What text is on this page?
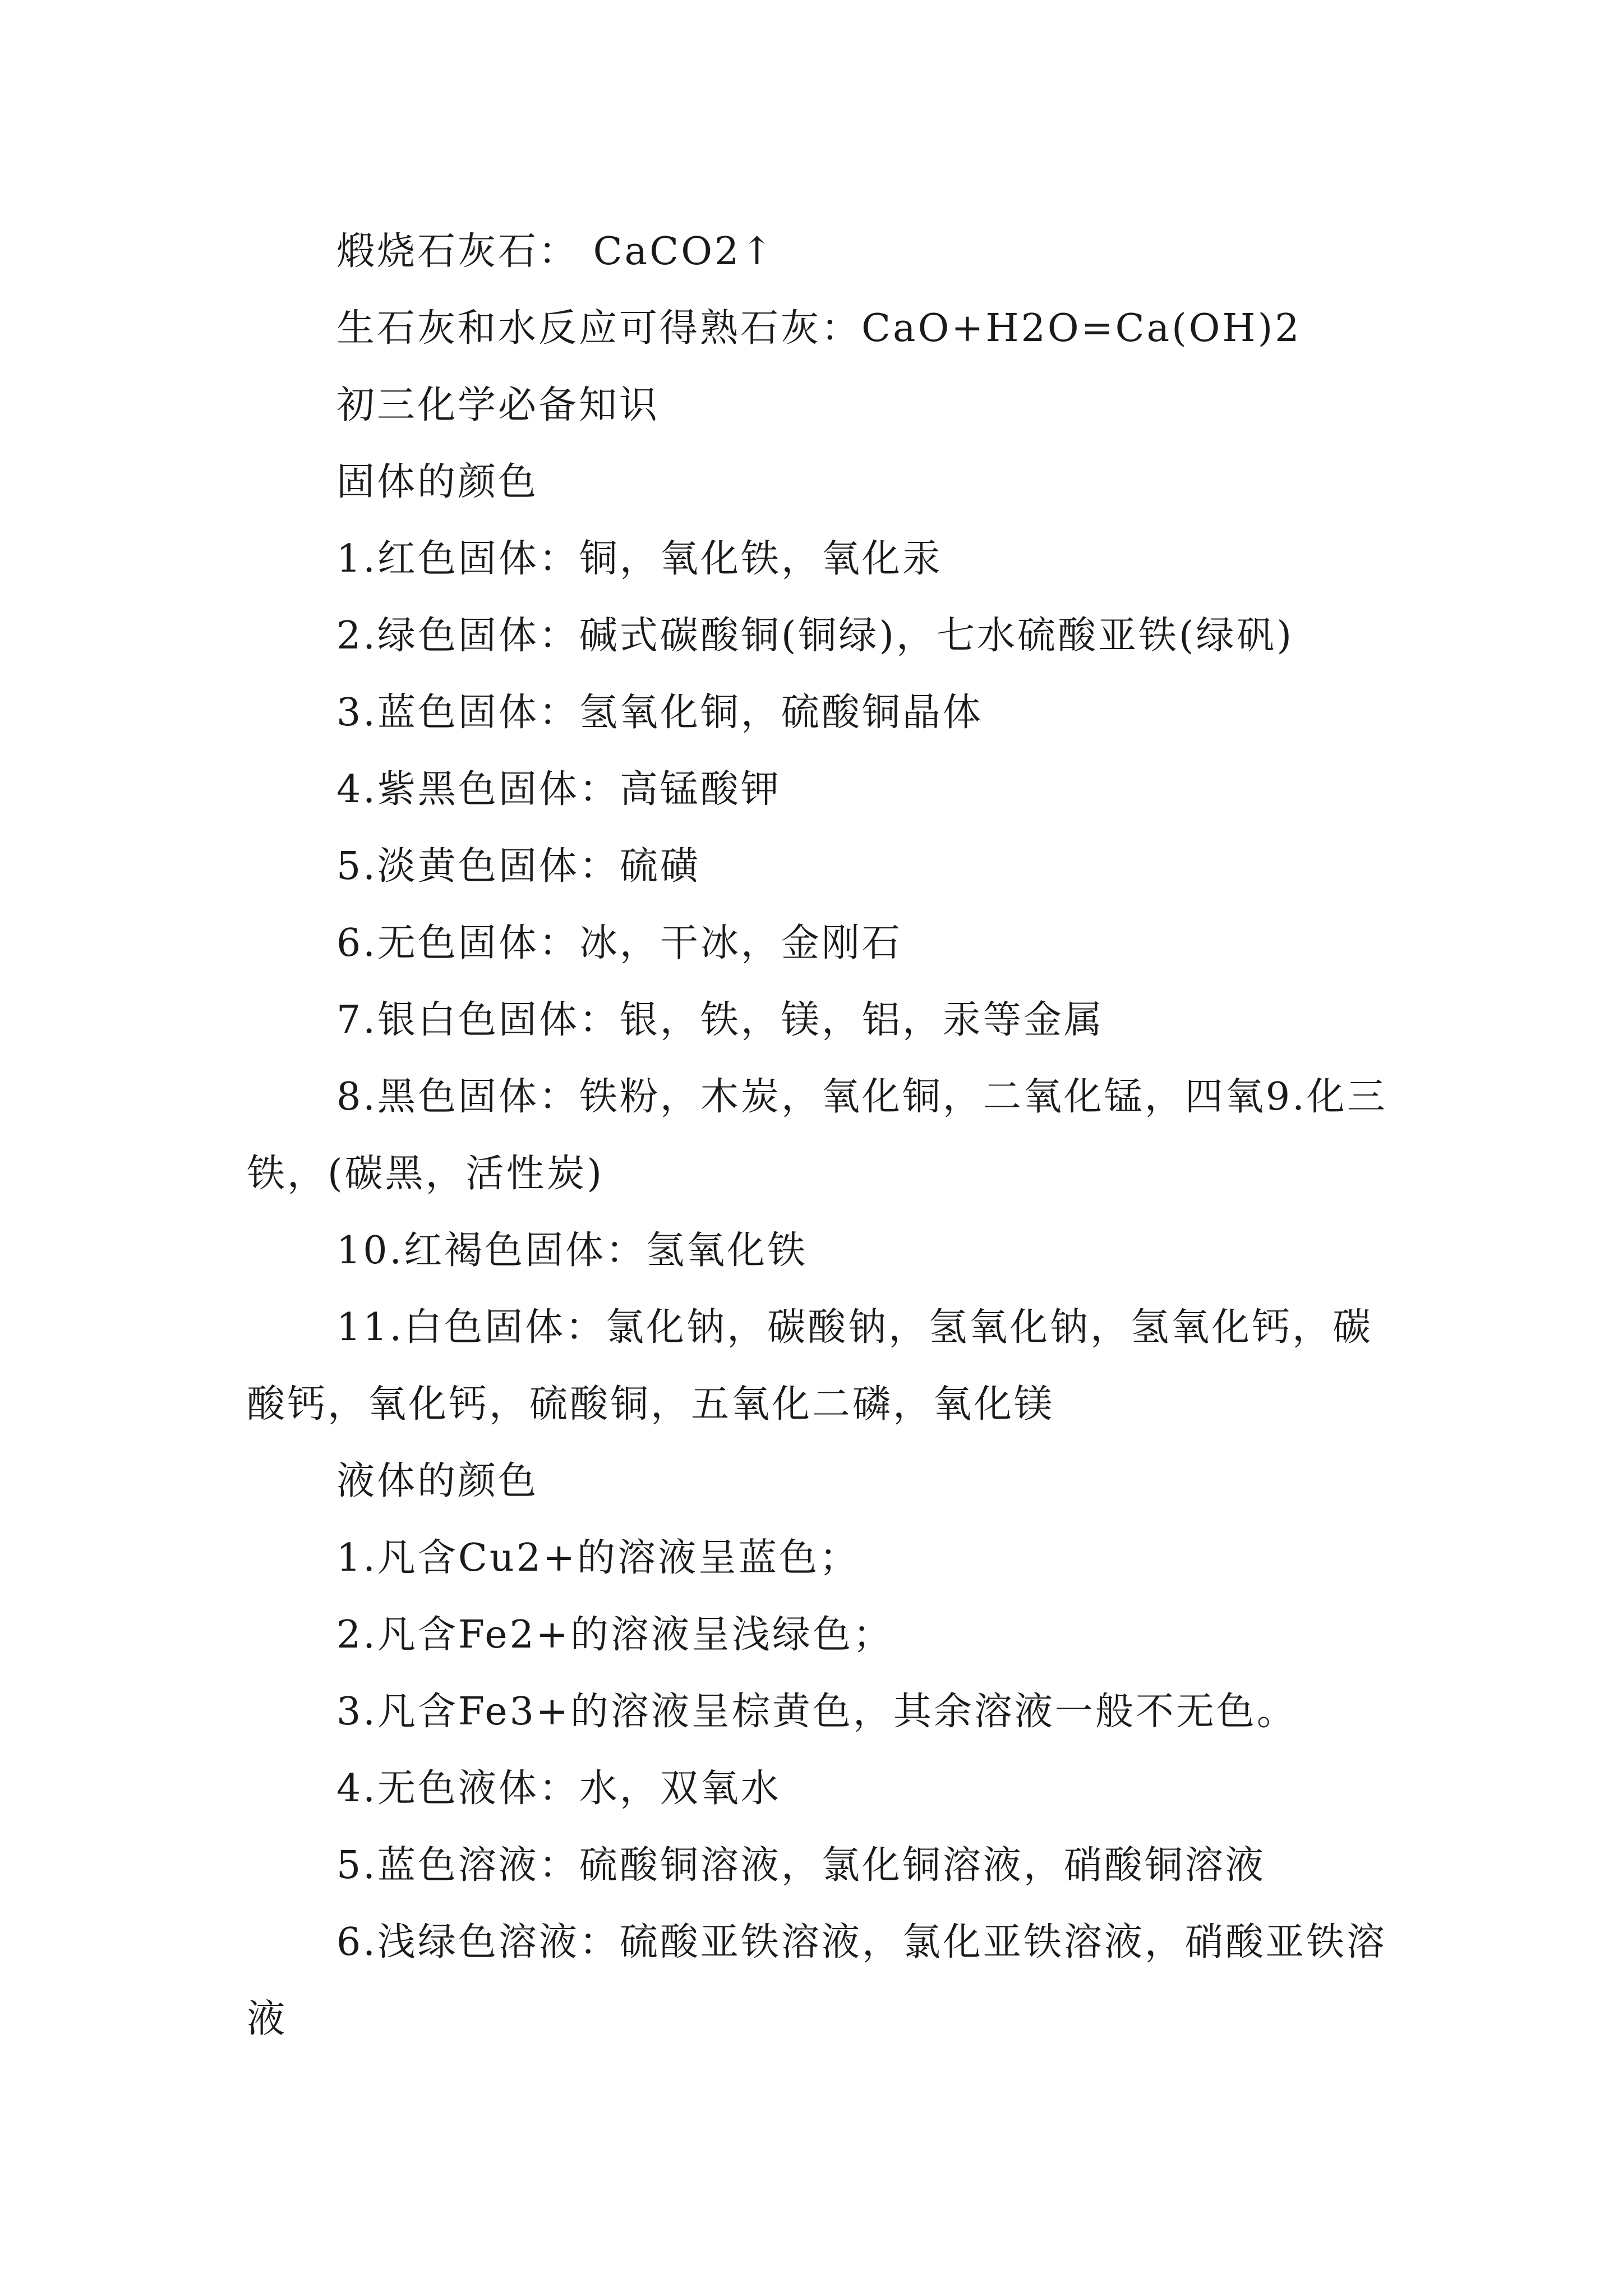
煅烧石灰石： CaCO2↑

生石灰和水反应可得熟石灰：CaO+H2O=Ca(OH)2

初三化学必备知识

固体的颜色

1.红色固体：铜，氧化铁，氧化汞

2.绿色固体：碱式碳酸铜(铜绿)，七水硫酸亚铁(绿矾)

3.蓝色固体：氢氧化铜，硫酸铜晶体

4.紫黑色固体：高锰酸钾

5.淡黄色固体：硫磺

6.无色固体：冰，干冰，金刚石

7.银白色固体：银，铁，镁，铝，汞等金属

8.黑色固体：铁粉，木炭，氧化铜，二氧化锰，四氧9.化三铁，(碳黑，活性炭)

10.红褐色固体：氢氧化铁

11.白色固体：氯化钠，碳酸钠，氢氧化钠，氢氧化钙，碳酸钙，氧化钙，硫酸铜，五氧化二磷，氧化镁

液体的颜色

1.凡含Cu2+的溶液呈蓝色；

2.凡含Fe2+的溶液呈浅绿色；

3.凡含Fe3+的溶液呈棕黄色，其余溶液一般不无色。

4.无色液体：水，双氧水

5.蓝色溶液：硫酸铜溶液，氯化铜溶液，硝酸铜溶液

6.浅绿色溶液：硫酸亚铁溶液，氯化亚铁溶液，硝酸亚铁溶液
